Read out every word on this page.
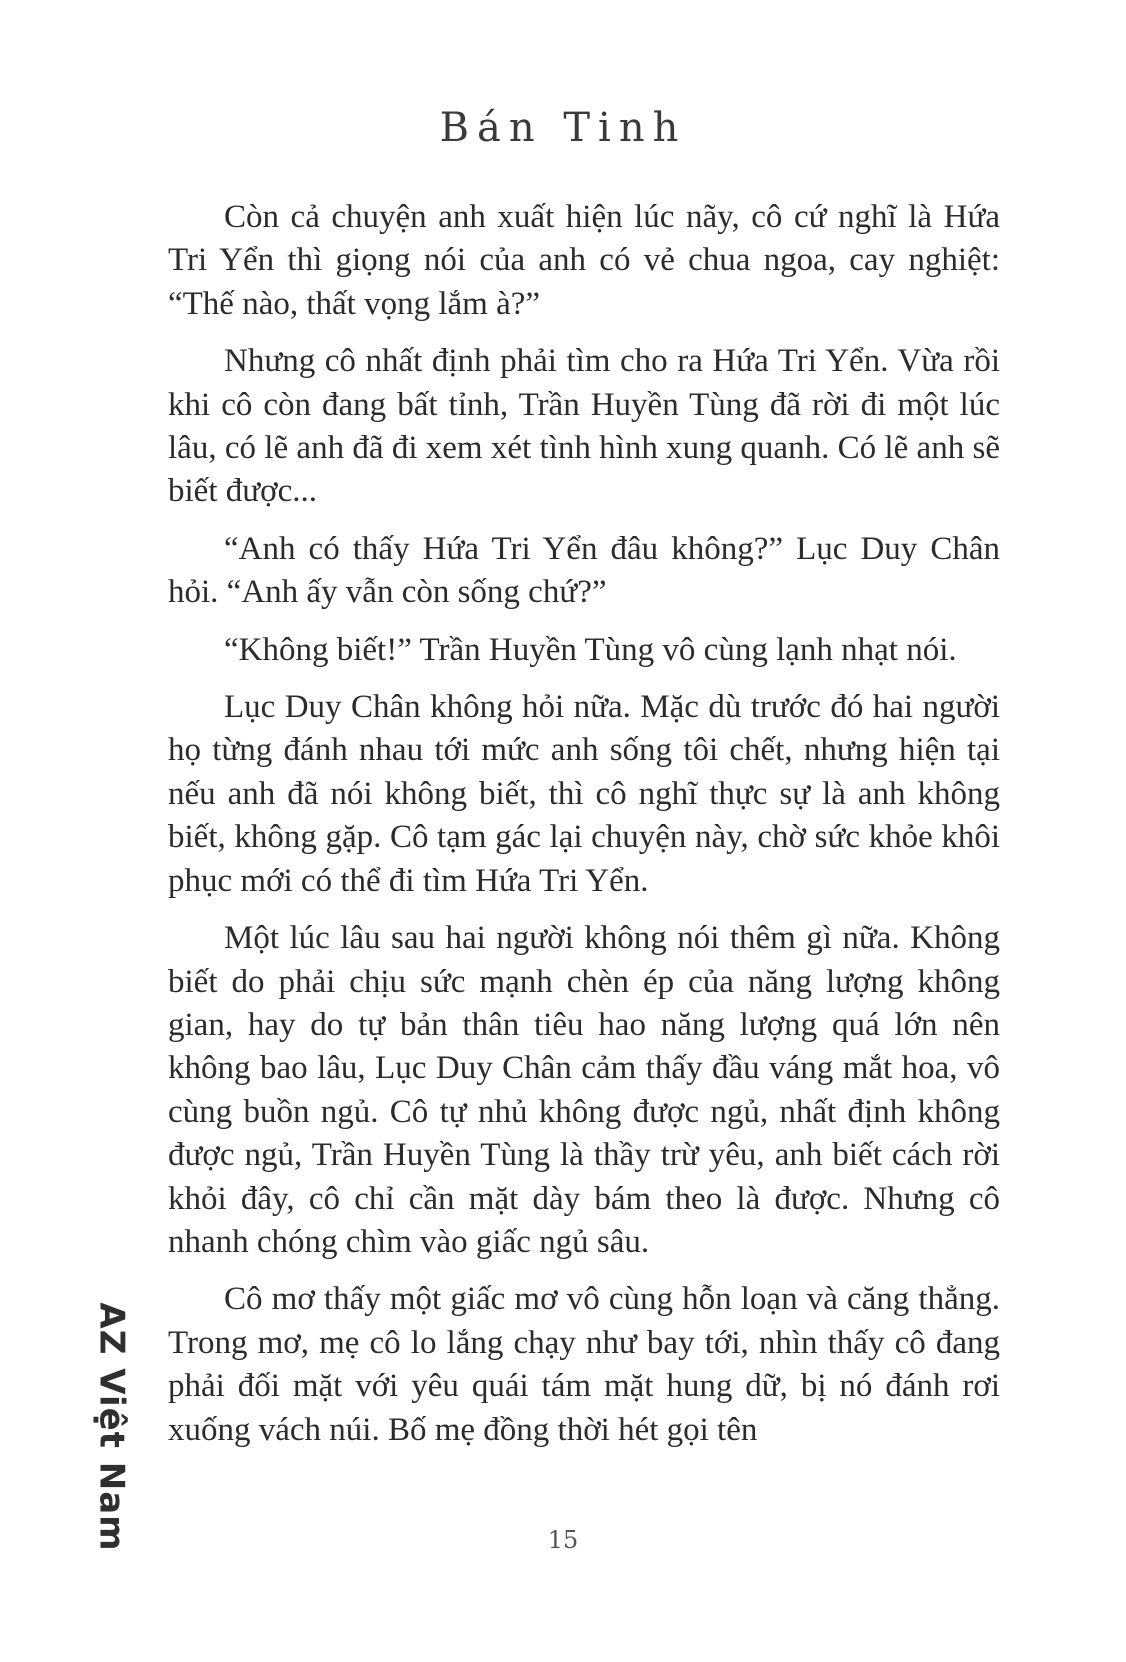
Bán Tinh

Còn cả chuyện anh xuất hiện lúc nãy, cô cứ nghĩ là Hứa Tri Yển thì giọng nói của anh có vẻ chua ngoa, cay nghiệt: “Thế nào, thất vọng lắm à?”

Nhưng cô nhất định phải tìm cho ra Hứa Tri Yển. Vừa rồi khi cô còn đang bất tỉnh, Trần Huyền Tùng đã rời đi một lúc lâu, có lẽ anh đã đi xem xét tình hình xung quanh. Có lẽ anh sẽ biết được...

“Anh có thấy Hứa Tri Yển đâu không?” Lục Duy Chân hỏi. “Anh ấy vẫn còn sống chứ?”

“Không biết!” Trần Huyền Tùng vô cùng lạnh nhạt nói.

Lục Duy Chân không hỏi nữa. Mặc dù trước đó hai người họ từng đánh nhau tới mức anh sống tôi chết, nhưng hiện tại nếu anh đã nói không biết, thì cô nghĩ thực sự là anh không biết, không gặp. Cô tạm gác lại chuyện này, chờ sức khỏe khôi phục mới có thể đi tìm Hứa Tri Yển.

Một lúc lâu sau hai người không nói thêm gì nữa. Không biết do phải chịu sức mạnh chèn ép của năng lượng không gian, hay do tự bản thân tiêu hao năng lượng quá lớn nên không bao lâu, Lục Duy Chân cảm thấy đầu váng mắt hoa, vô cùng buồn ngủ. Cô tự nhủ không được ngủ, nhất định không được ngủ, Trần Huyền Tùng là thầy trừ yêu, anh biết cách rời khỏi đây, cô chỉ cần mặt dày bám theo là được. Nhưng cô nhanh chóng chìm vào giấc ngủ sâu.

Cô mơ thấy một giấc mơ vô cùng hỗn loạn và căng thẳng. Trong mơ, mẹ cô lo lắng chạy như bay tới, nhìn thấy cô đang phải đối mặt với yêu quái tám mặt hung dữ, bị nó đánh rơi xuống vách núi. Bố mẹ đồng thời hét gọi tên

AZ Việt Nam	15
